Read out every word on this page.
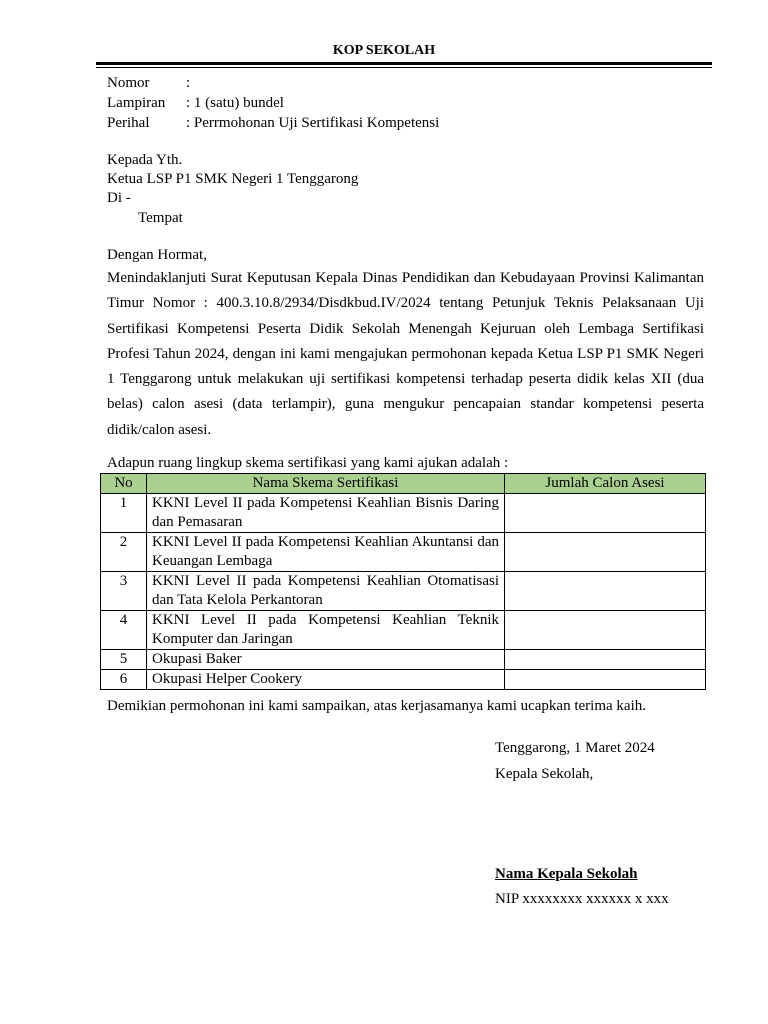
KOP SEKOLAH
Nomor	:
Lampiran	: 1 (satu) bundel
Perihal	: Perrmohonan Uji Sertifikasi Kompetensi
Kepada Yth.
Ketua LSP P1 SMK Negeri 1 Tenggarong
Di -
Tempat
Dengan Hormat,
Menindaklanjuti Surat Keputusan Kepala Dinas Pendidikan dan Kebudayaan Provinsi Kalimantan Timur Nomor : 400.3.10.8/2934/Disdkbud.IV/2024 tentang Petunjuk Teknis Pelaksanaan Uji Sertifikasi Kompetensi Peserta Didik Sekolah Menengah Kejuruan oleh Lembaga Sertifikasi Profesi Tahun 2024, dengan ini kami mengajukan permohonan kepada Ketua LSP P1 SMK Negeri 1 Tenggarong untuk melakukan uji sertifikasi kompetensi terhadap peserta didik kelas XII (dua belas) calon asesi (data terlampir), guna mengukur pencapaian standar kompetensi peserta didik/calon asesi.
Adapun ruang lingkup skema sertifikasi yang kami ajukan adalah :
No	Nama Skema Sertifikasi	Jumlah Calon Asesi
1	KKNI Level II pada Kompetensi Keahlian Bisnis Daring dan Pemasaran	
2	KKNI Level II pada Kompetensi Keahlian Akuntansi dan Keuangan Lembaga	
3	KKNI Level II pada Kompetensi Keahlian Otomatisasi dan Tata Kelola Perkantoran	
4	KKNI Level II pada Kompetensi Keahlian Teknik Komputer dan Jaringan	
5	Okupasi Baker	
6	Okupasi Helper Cookery	
Demikian permohonan ini kami sampaikan, atas kerjasamanya kami ucapkan terima kaih.
Tenggarong, 1 Maret 2024
Kepala Sekolah,
Nama Kepala Sekolah
NIP xxxxxxxx xxxxxx x xxx
